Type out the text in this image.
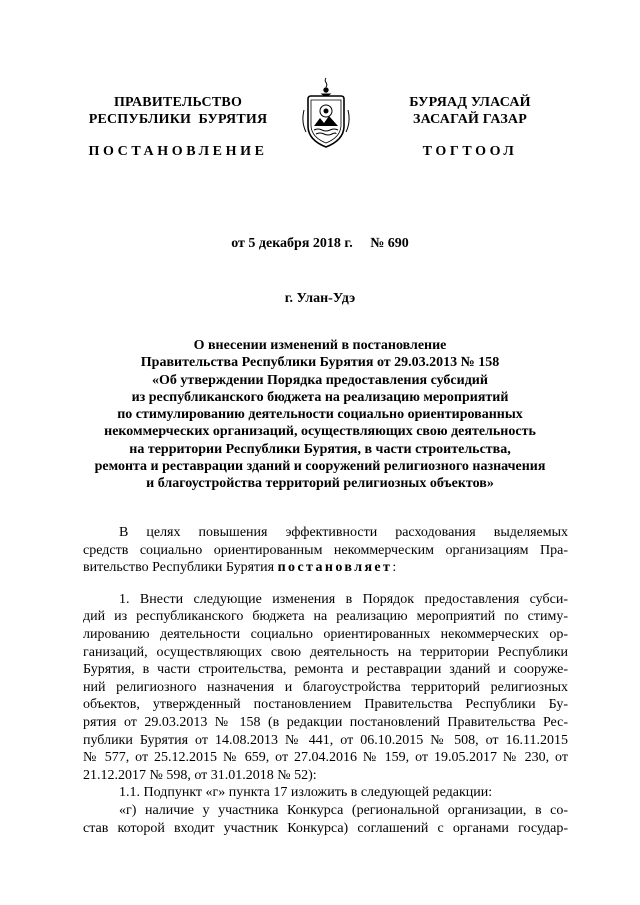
ПРАВИТЕЛЬСТВО
РЕСПУБЛИКИ  БУРЯТИЯ
БУРЯАД УЛАСАЙ
ЗАСАГАЙ ГАЗАР
ПОСТАНОВЛЕНИЕ	ТОГТООЛ
от 5 декабря 2018 г.     № 690
г. Улан-Удэ
О внесении изменений в постановление
Правительства Республики Бурятия от 29.03.2013 № 158
«Об утверждении Порядка предоставления субсидий
из республиканского бюджета на реализацию мероприятий
по стимулированию деятельности социально ориентированных
некоммерческих организаций, осуществляющих свою деятельность
на территории Республики Бурятия, в части строительства,
ремонта и реставрации зданий и сооружений религиозного назначения
и благоустройства территорий религиозных объектов»
В целях повышения эффективности расходования выделяемых
средств социально ориентированным некоммерческим организациям Пра-
вительство Республики Бурятия постановляет:
1. Внести следующие изменения в Порядок предоставления субси-
дий из республиканского бюджета на реализацию мероприятий по стиму-
лированию деятельности социально ориентированных некоммерческих ор-
ганизаций, осуществляющих свою деятельность на территории Республики
Бурятия, в части строительства, ремонта и реставрации зданий и сооруже-
ний религиозного назначения и благоустройства территорий религиозных
объектов, утвержденный постановлением Правительства Республики Бу-
рятия от 29.03.2013 № 158 (в редакции постановлений Правительства Рес-
публики Бурятия от 14.08.2013 № 441, от 06.10.2015 № 508, от 16.11.2015
№ 577, от 25.12.2015 № 659, от 27.04.2016 № 159, от 19.05.2017 № 230, от
21.12.2017 № 598, от 31.01.2018 № 52):
1.1. Подпункт «г» пункта 17 изложить в следующей редакции:
«г) наличие у участника Конкурса (региональной организации, в со-
став которой входит участник Конкурса) соглашений с органами государ-
